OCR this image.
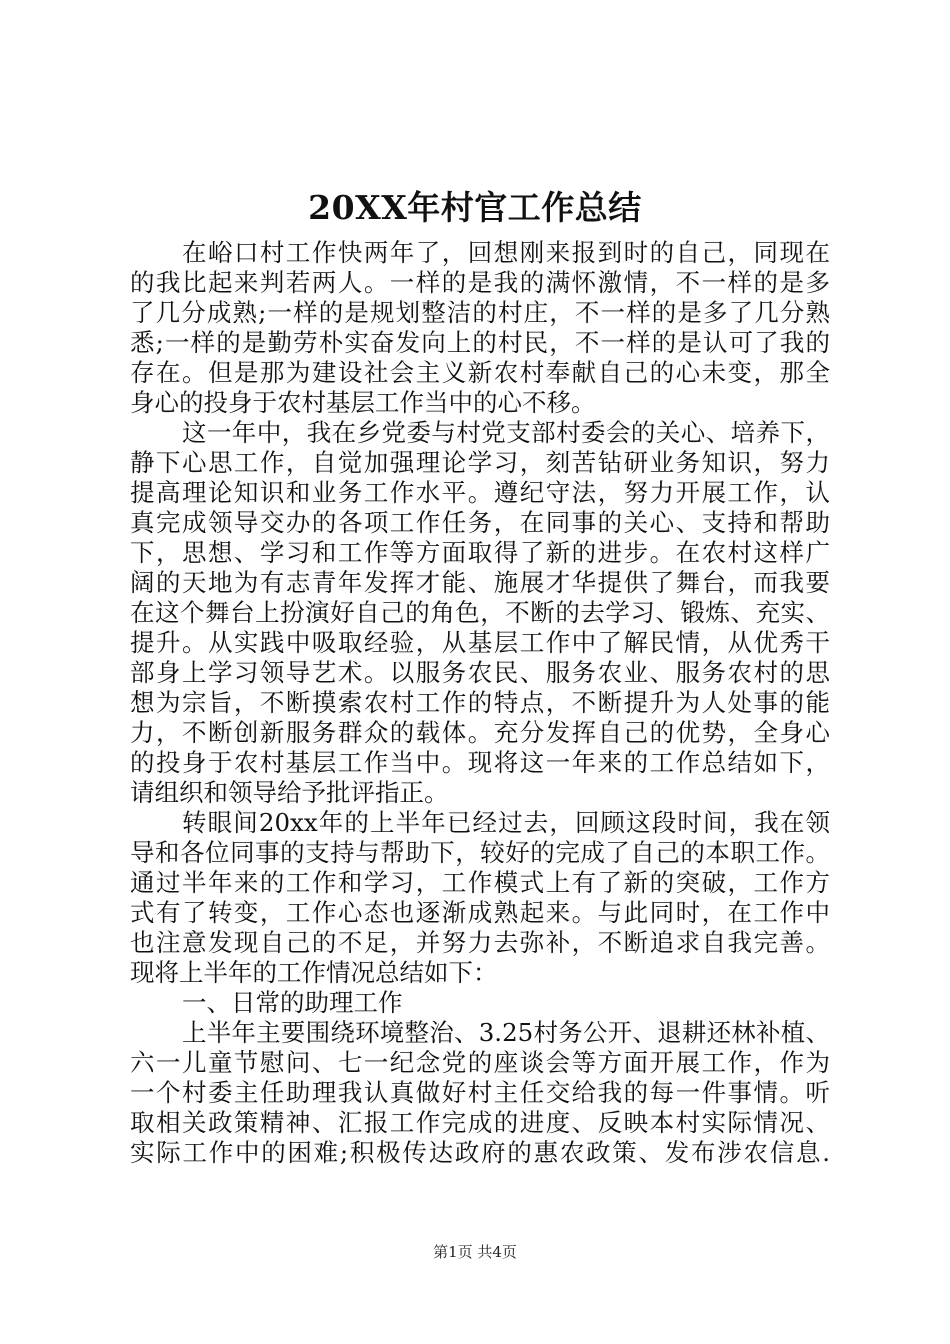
20XX年村官工作总结
在峪口村工作快两年了，回想刚来报到时的自己，同现在
的我比起来判若两人。一样的是我的满怀激情，不一样的是多
了几分成熟;一样的是规划整洁的村庄，不一样的是多了几分熟
悉;一样的是勤劳朴实奋发向上的村民，不一样的是认可了我的
存在。但是那为建设社会主义新农村奉献自己的心未变，那全
身心的投身于农村基层工作当中的心不移。
这一年中，我在乡党委与村党支部村委会的关心、培养下，
静下心思工作，自觉加强理论学习，刻苦钻研业务知识，努力
提高理论知识和业务工作水平。遵纪守法，努力开展工作，认
真完成领导交办的各项工作任务，在同事的关心、支持和帮助
下，思想、学习和工作等方面取得了新的进步。在农村这样广
阔的天地为有志青年发挥才能、施展才华提供了舞台，而我要
在这个舞台上扮演好自己的角色，不断的去学习、锻炼、充实、
提升。从实践中吸取经验，从基层工作中了解民情，从优秀干
部身上学习领导艺术。以服务农民、服务农业、服务农村的思
想为宗旨，不断摸索农村工作的特点，不断提升为人处事的能
力，不断创新服务群众的载体。充分发挥自己的优势，全身心
的投身于农村基层工作当中。现将这一年来的工作总结如下，
请组织和领导给予批评指正。
转眼间20xx年的上半年已经过去，回顾这段时间，我在领
导和各位同事的支持与帮助下，较好的完成了自己的本职工作。
通过半年来的工作和学习，工作模式上有了新的突破，工作方
式有了转变，工作心态也逐渐成熟起来。与此同时，在工作中
也注意发现自己的不足，并努力去弥补，不断追求自我完善。
现将上半年的工作情况总结如下：
一、日常的助理工作
上半年主要围绕环境整治、3.25村务公开、退耕还林补植、
六一儿童节慰问、七一纪念党的座谈会等方面开展工作，作为
一个村委主任助理我认真做好村主任交给我的每一件事情。听
取相关政策精神、汇报工作完成的进度、反映本村实际情况、
实际工作中的困难;积极传达政府的惠农政策、发布涉农信息.
第1页 共4页
